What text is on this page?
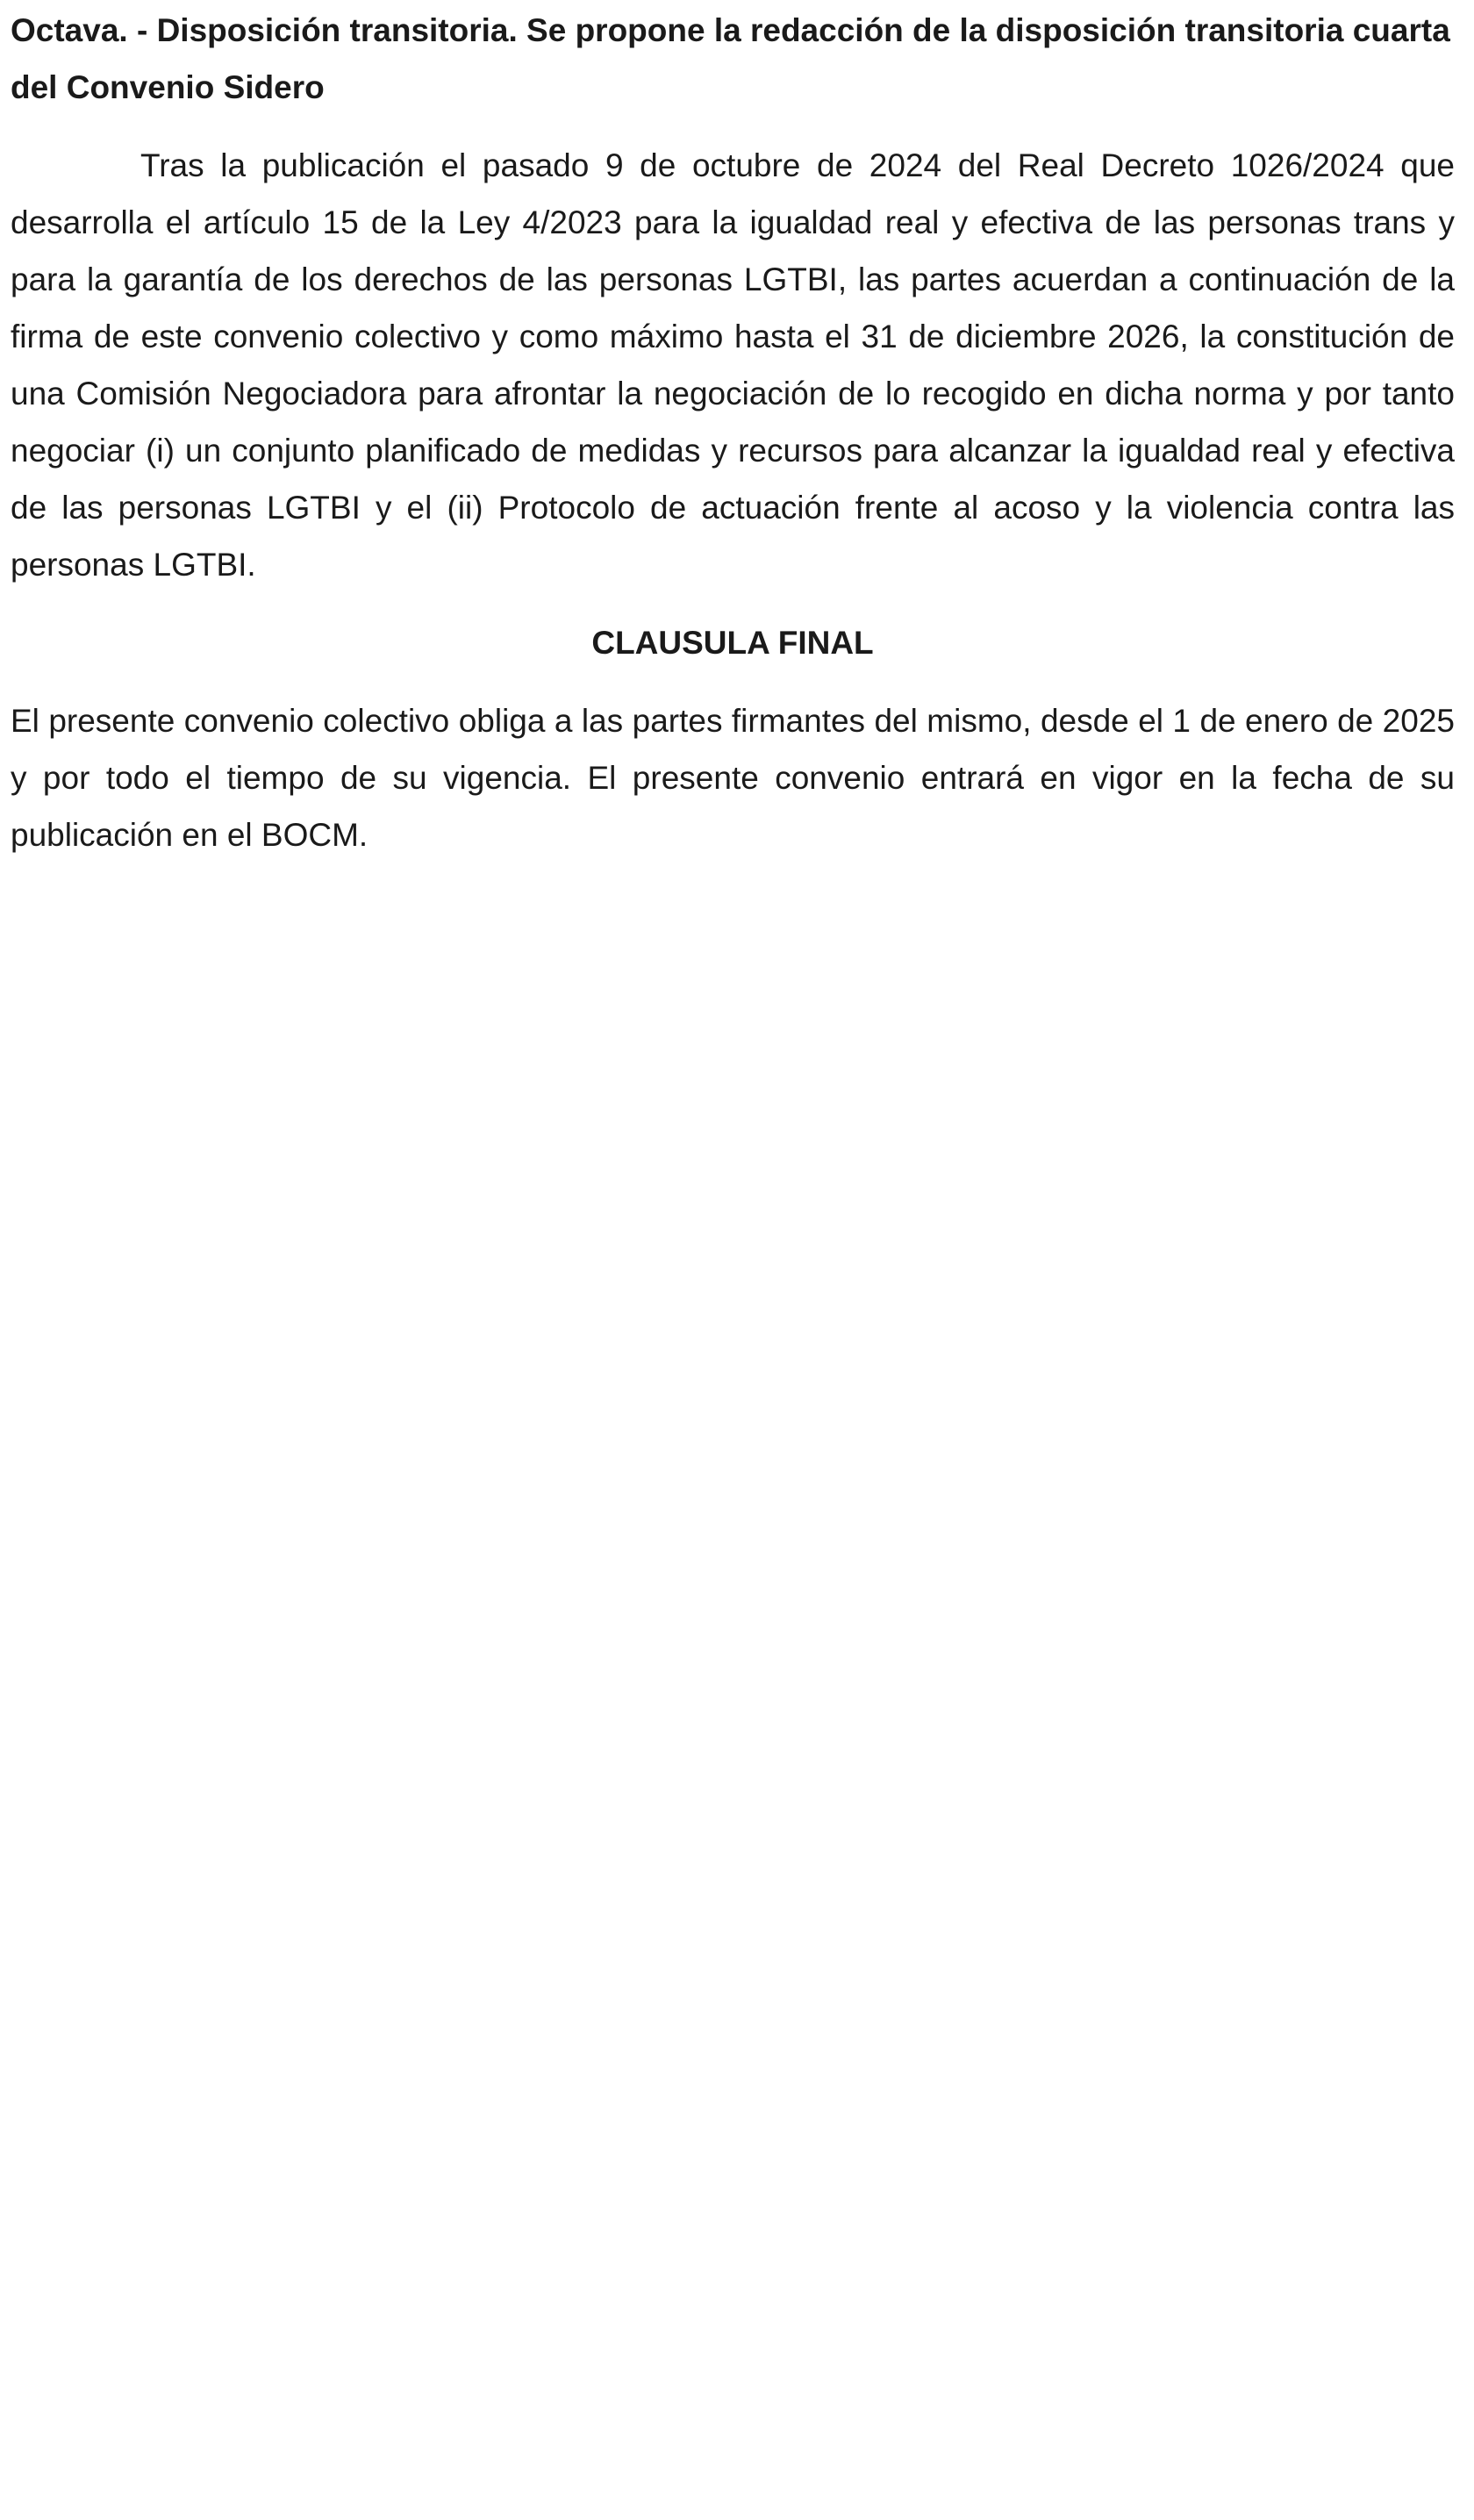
Octava. - Disposición transitoria. Se propone la redacción de la disposición transitoria cuarta del Convenio Sidero

Tras la publicación el pasado 9 de octubre de 2024 del Real Decreto 1026/2024 que desarrolla el artículo 15 de la Ley 4/2023 para la igualdad real y efectiva de las personas trans y para la garantía de los derechos de las personas LGTBI, las partes acuerdan a continuación de la firma de este convenio colectivo y como máximo hasta el 31 de diciembre 2026, la constitución de una Comisión Negociadora para afrontar la negociación de lo recogido en dicha norma y por tanto negociar (i) un conjunto planificado de medidas y recursos para alcanzar la igualdad real y efectiva de las personas LGTBI y el (ii) Protocolo de actuación frente al acoso y la violencia contra las personas LGTBI.

CLAUSULA FINAL

El presente convenio colectivo obliga a las partes firmantes del mismo, desde el 1 de enero de 2025 y por todo el tiempo de su vigencia. El presente convenio entrará en vigor en la fecha de su publicación en el BOCM.
